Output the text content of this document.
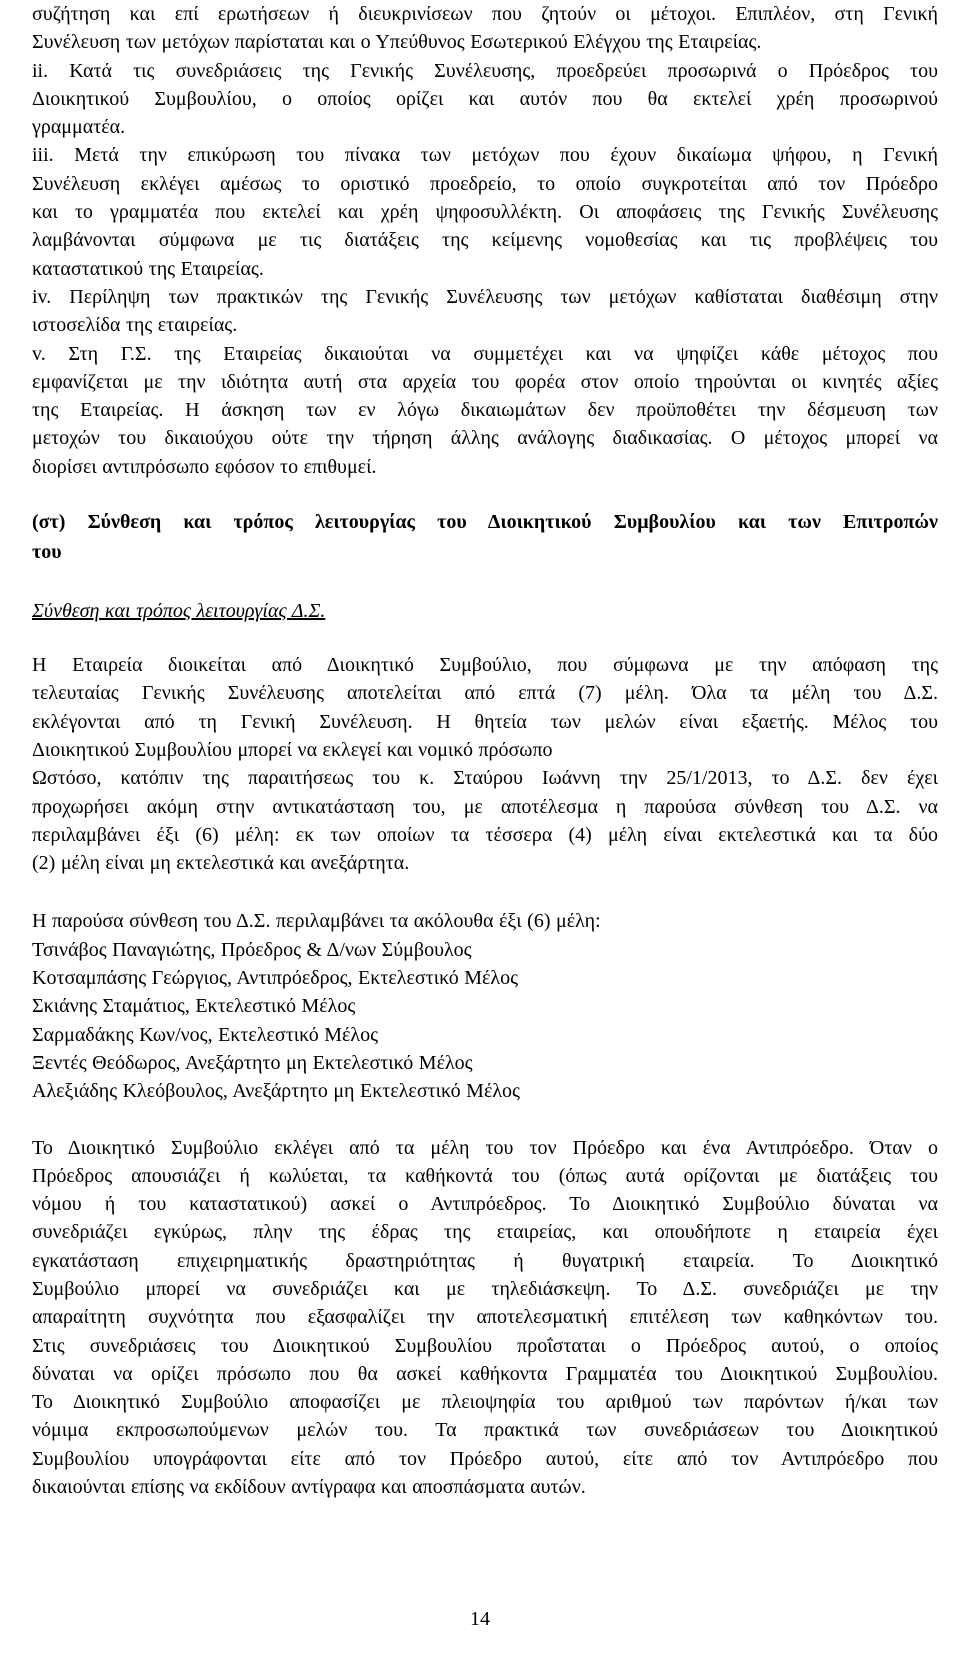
συζήτηση και επί ερωτήσεων ή διευκρινίσεων που ζητούν οι μέτοχοι. Επιπλέον, στη Γενική

Συνέλευση των μετόχων παρίσταται και ο Υπεύθυνος Εσωτερικού Ελέγχου της Εταιρείας.

ii. Κατά τις συνεδριάσεις της Γενικής Συνέλευσης, προεδρεύει προσωρινά ο Πρόεδρος του

Διοικητικού Συμβουλίου, ο οποίος ορίζει και αυτόν που θα εκτελεί χρέη προσωρινού

γραμματέα.

iii. Μετά την επικύρωση του πίνακα των μετόχων που έχουν δικαίωμα ψήφου, η Γενική

Συνέλευση εκλέγει αμέσως το οριστικό προεδρείο, το οποίο συγκροτείται από τον Πρόεδρο

και το γραμματέα που εκτελεί και χρέη ψηφοσυλλέκτη. Οι αποφάσεις της Γενικής Συνέλευσης

λαμβάνονται σύμφωνα με τις διατάξεις της κείμενης νομοθεσίας και τις προβλέψεις του

καταστατικού της Εταιρείας.

iv. Περίληψη των πρακτικών της Γενικής Συνέλευσης των μετόχων καθίσταται διαθέσιμη στην

ιστοσελίδα της εταιρείας.

v. Στη Γ.Σ. της Εταιρείας δικαιούται να συμμετέχει και να ψηφίζει κάθε μέτοχος που

εμφανίζεται με την ιδιότητα αυτή στα αρχεία του φορέα στον οποίο τηρούνται οι κινητές αξίες

της Εταιρείας. Η άσκηση των εν λόγω δικαιωμάτων δεν προϋποθέτει την δέσμευση των

μετοχών του δικαιούχου ούτε την τήρηση άλλης ανάλογης διαδικασίας. Ο μέτοχος μπορεί να

διορίσει αντιπρόσωπο εφόσον το επιθυμεί.

(στ) Σύνθεση και τρόπος λειτουργίας του Διοικητικού Συμβουλίου και των Επιτροπών

του

Σύνθεση και τρόπος λειτουργίας Δ.Σ.

Η Εταιρεία διοικείται από Διοικητικό Συμβούλιο, που σύμφωνα με την απόφαση της

τελευταίας Γενικής Συνέλευσης αποτελείται από επτά (7) μέλη. Όλα τα μέλη του Δ.Σ.

εκλέγονται από τη Γενική Συνέλευση. Η θητεία των μελών είναι εξαετής. Μέλος του

Διοικητικού Συμβουλίου μπορεί να εκλεγεί και νομικό πρόσωπο

Ωστόσο, κατόπιν της παραιτήσεως του κ. Σταύρου Ιωάννη την 25/1/2013, το Δ.Σ. δεν έχει

προχωρήσει ακόμη στην αντικατάσταση του, με αποτέλεσμα η παρούσα σύνθεση του Δ.Σ. να

περιλαμβάνει έξι (6) μέλη: εκ των οποίων τα τέσσερα (4) μέλη είναι εκτελεστικά και τα δύο

(2) μέλη είναι μη εκτελεστικά και ανεξάρτητα.

Η παρούσα σύνθεση του Δ.Σ. περιλαμβάνει τα ακόλουθα έξι (6) μέλη:

Τσινάβος Παναγιώτης, Πρόεδρος & Δ/νων Σύμβουλος

Κοτσαμπάσης Γεώργιος, Αντιπρόεδρος, Εκτελεστικό Μέλος

Σκιάνης Σταμάτιος, Εκτελεστικό Μέλος

Σαρμαδάκης Κων/νος, Εκτελεστικό Μέλος

Ξεντές Θεόδωρος, Ανεξάρτητο μη Εκτελεστικό Μέλος

Αλεξιάδης Κλεόβουλος, Ανεξάρτητο μη Εκτελεστικό Μέλος

Το Διοικητικό Συμβούλιο εκλέγει από τα μέλη του τον Πρόεδρο και ένα Αντιπρόεδρο. Όταν ο

Πρόεδρος απουσιάζει ή κωλύεται, τα καθήκοντά του (όπως αυτά ορίζονται με διατάξεις του

νόμου ή του καταστατικού) ασκεί ο Αντιπρόεδρος. Το Διοικητικό Συμβούλιο δύναται να

συνεδριάζει εγκύρως, πλην της έδρας της εταιρείας, και οπουδήποτε η εταιρεία έχει

εγκατάσταση επιχειρηματικής δραστηριότητας ή θυγατρική εταιρεία. Το Διοικητικό

Συμβούλιο μπορεί να συνεδριάζει και με τηλεδιάσκεψη. Το Δ.Σ. συνεδριάζει με την

απαραίτητη συχνότητα που εξασφαλίζει την αποτελεσματική επιτέλεση των καθηκόντων του.

Στις συνεδριάσεις του Διοικητικού Συμβουλίου προΐσταται ο Πρόεδρος αυτού, ο οποίος

δύναται να ορίζει πρόσωπο που θα ασκεί καθήκοντα Γραμματέα του Διοικητικού Συμβουλίου.

Το Διοικητικό Συμβούλιο αποφασίζει με πλειοψηφία του αριθμού των παρόντων ή/και των

νόμιμα εκπροσωπούμενων μελών του. Τα πρακτικά των συνεδριάσεων του Διοικητικού

Συμβουλίου υπογράφονται είτε από τον Πρόεδρο αυτού, είτε από τον Αντιπρόεδρο που

δικαιούνται επίσης να εκδίδουν αντίγραφα και αποσπάσματα αυτών.

14
